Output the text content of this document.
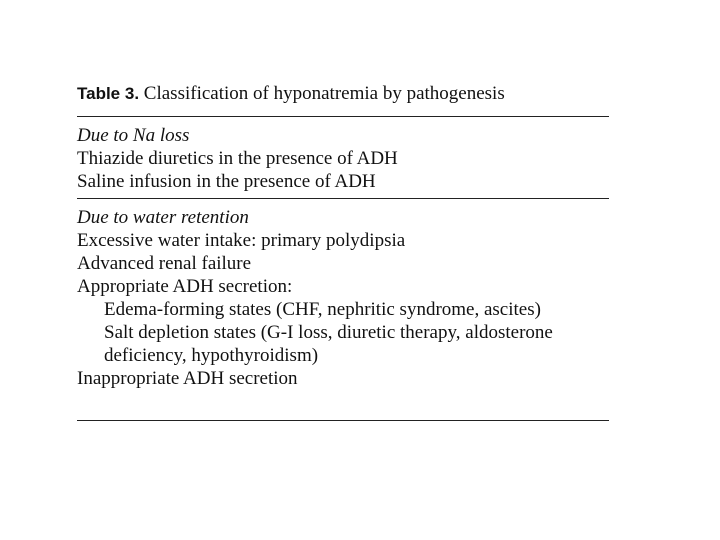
Table 3. Classification of hyponatremia by pathogenesis
Due to Na loss
Thiazide diuretics in the presence of ADH
Saline infusion in the presence of ADH
Due to water retention
Excessive water intake: primary polydipsia
Advanced renal failure
Appropriate ADH secretion:
Edema-forming states (CHF, nephritic syndrome, ascites)
Salt depletion states (G-I loss, diuretic therapy, aldosterone
deficiency, hypothyroidism)
Inappropriate ADH secretion
